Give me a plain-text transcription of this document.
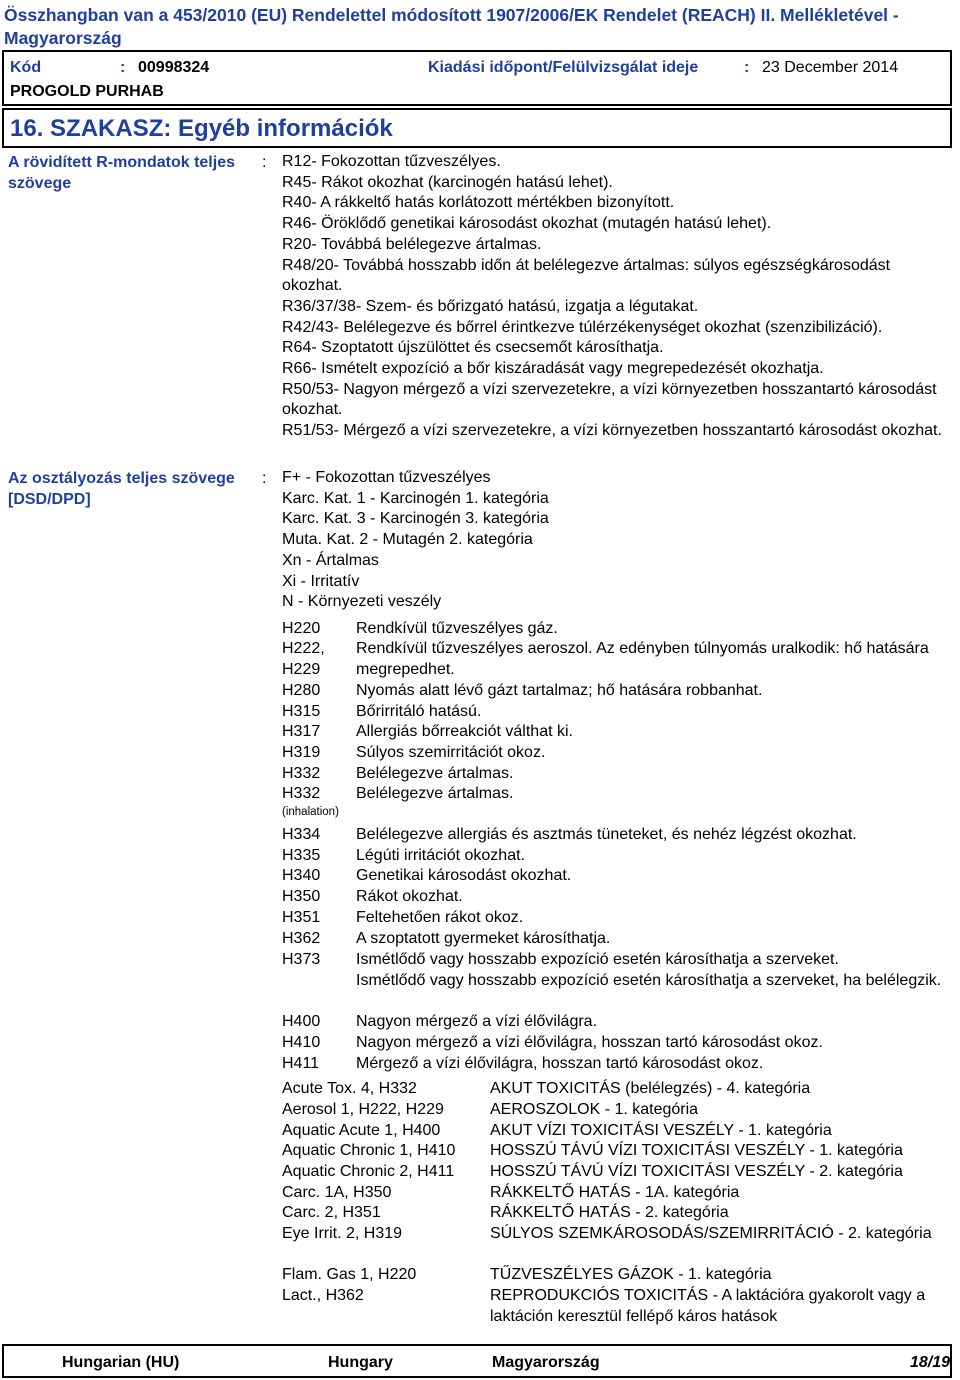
Összhangban van a 453/2010 (EU) Rendelettel módosított 1907/2006/EK Rendelet (REACH) II. Mellékletével - Magyarország
Kód	: 00998324	Kiadási időpont/Felülvizsgálat ideje	: 23 December 2014
PROGOLD PURHAB
16. SZAKASZ: Egyéb információk
A rövidített R-mondatok teljes szövege
: R12- Fokozottan tűzveszélyes.
R45- Rákot okozhat (karcinogén hatású lehet).
R40- A rákkeltő hatás korlátozott mértékben bizonyított.
R46- Öröklődő genetikai károsodást okozhat (mutagén hatású lehet).
R20- Továbbá belélegezve ártalmas.
R48/20- Továbbá hosszabb időn át belélegezve ártalmas: súlyos egészségkárosodást okozhat.
R36/37/38- Szem- és bőrizgató hatású, izgatja a légutakat.
R42/43- Belélegezve és bőrrel érintkezve túlérzékenységet okozhat (szenzibilizáció).
R64- Szoptatott újszülöttet és csecsemőt károsíthatja.
R66- Ismételt expozíció a bőr kiszáradását vagy megrepedezését okozhatja.
R50/53- Nagyon mérgező a vízi szervezetekre, a vízi környezetben hosszantartó károsodást okozhat.
R51/53- Mérgező a vízi szervezetekre, a vízi környezetben hosszantartó károsodást okozhat.
Az osztályozás teljes szövege [DSD/DPD]
: F+ - Fokozottan tűzveszélyes
Karc. Kat. 1 - Karcinogén 1. kategória
Karc. Kat. 3 - Karcinogén 3. kategória
Muta. Kat. 2 - Mutagén 2. kategória
Xn - Ártalmas
Xi - Irritatív
N - Környezeti veszély
H220	Rendkívül tűzveszélyes gáz.
H222,
H229
Rendkívül tűzveszélyes aeroszol. Az edényben túlnyomás uralkodik: hő hatására megrepedhet.
H280	Nyomás alatt lévő gázt tartalmaz; hő hatására robbanhat.
H315	Bőrirritáló hatású.
H317	Allergiás bőrreakciót válthat ki.
H319	Súlyos szemirritációt okoz.
H332	Belélegezve ártalmas.
H332
(inhalation)
Belélegezve ártalmas.
H334	Belélegezve allergiás és asztmás tüneteket, és nehéz légzést okozhat.
H335	Légúti irritációt okozhat.
H340	Genetikai károsodást okozhat.
H350	Rákot okozhat.
H351	Feltehetően rákot okoz.
H362	A szoptatott gyermeket károsíthatja.
H373	Ismétlődő vagy hosszabb expozíció esetén károsíthatja a szerveket.
Ismétlődő vagy hosszabb expozíció esetén károsíthatja a szerveket, ha belélegzik.
H400	Nagyon mérgező a vízi élővilágra.
H410	Nagyon mérgező a vízi élővilágra, hosszan tartó károsodást okoz.
H411	Mérgező a vízi élővilágra, hosszan tartó károsodást okoz.
Acute Tox. 4, H332	AKUT TOXICITÁS (belélegzés) - 4. kategória
Aerosol 1, H222, H229	AEROSZOLOK - 1. kategória
Aquatic Acute 1, H400	AKUT VÍZI TOXICITÁSI VESZÉLY - 1. kategória
Aquatic Chronic 1, H410	HOSSZÚ TÁVÚ VÍZI TOXICITÁSI VESZÉLY - 1. kategória
Aquatic Chronic 2, H411	HOSSZÚ TÁVÚ VÍZI TOXICITÁSI VESZÉLY - 2. kategória
Carc. 1A, H350	RÁKKELTŐ HATÁS - 1A. kategória
Carc. 2, H351	RÁKKELTŐ HATÁS - 2. kategória
Eye Irrit. 2, H319	SÚLYOS SZEMKÁROSODÁS/SZEMIRRITÁCIÓ - 2. kategória
Flam. Gas 1, H220	TŰZVESZÉLYES GÁZOK - 1. kategória
Lact., H362	REPRODUKCIÓS TOXICITÁS - A laktációra gyakorolt vagy a laktáción keresztül fellépő káros hatások
Hungarian (HU)	Hungary	Magyarország	18/19
